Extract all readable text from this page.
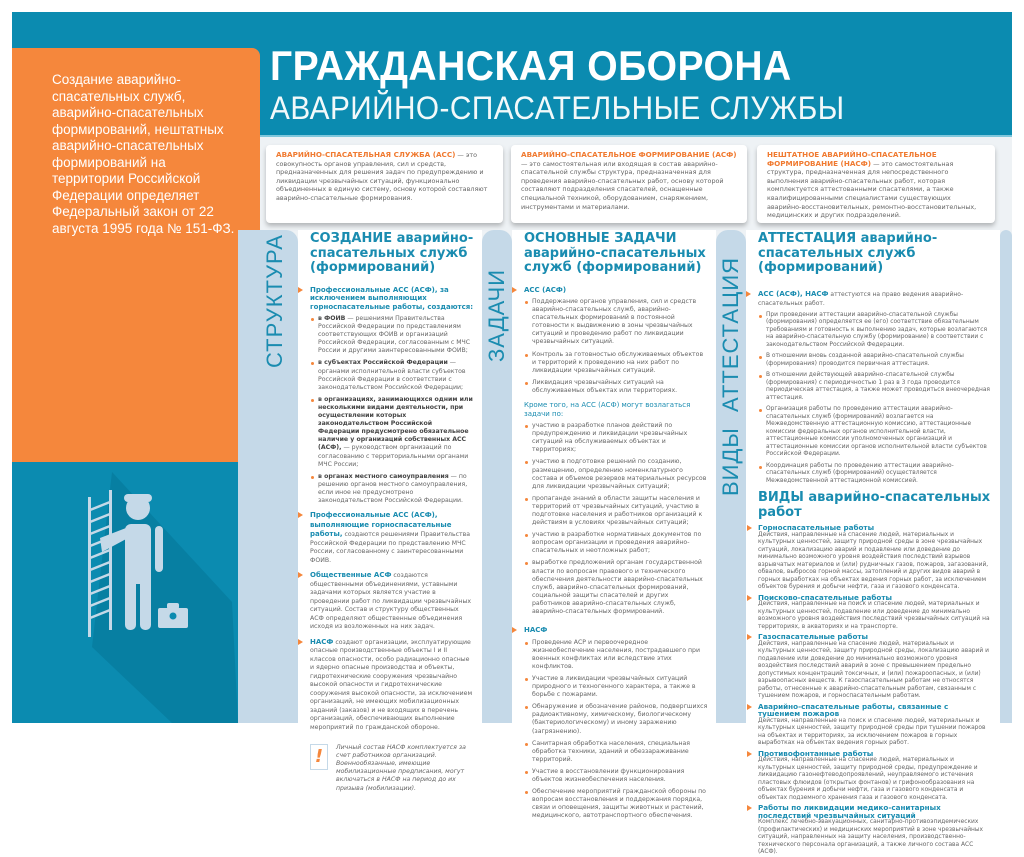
Создание аварийно-спасательных служб, аварийно-спасательных формирований, нештатных аварийно-спасательных формирований на территории Российской Федерации определяет Федеральный закон от 22 августа 1995 года № 151-ФЗ.
ГРАЖДАНСКАЯ ОБОРОНА
АВАРИЙНО-СПАСАТЕЛЬНЫЕ СЛУЖБЫ
АВАРИЙНО-СПАСАТЕЛЬНАЯ СЛУЖБА (АСС) — это совокупность органов управления, сил и средств, предназначенных для решения задач по предупреждению и ликвидации чрезвычайных ситуаций, функционально объединенных в единую систему, основу которой составляют аварийно-спасательные формирования.
АВАРИЙНО-СПАСАТЕЛЬНОЕ ФОРМИРОВАНИЕ (АСФ) — это самостоятельная или входящая в состав аварийно-спасательной службы структура, предназначенная для проведения аварийно-спасательных работ, основу которой составляют подразделения спасателей, оснащенные специальной техникой, оборудованием, снаряжением, инструментами и материалами.
НЕШТАТНОЕ АВАРИЙНО-СПАСАТЕЛЬНОЕ ФОРМИРОВАНИЕ (НАСФ) — это самостоятельная структура, предназначенная для непосредственного выполнения аварийно-спасательных работ, которая комплектуется аттестованными спасателями, а также квалифицированными специалистами существующих аварийно-восстановительных, ремонтно-восстановительных, медицинских и других подразделений.
СТРУКТУРА	ЗАДАЧИ	АТТЕСТАЦИЯ
ВИДЫ
СОЗДАНИЕ аварийно-спасательных служб (формирований)
Профессиональные АСС (АСФ), за исключением выполняющих горноспасательные работы, создаются:
в ФОИВ — решениями Правительства Российской Федерации по представлениям соответствующих ФОИВ и организаций Российской Федерации, согласованным с МЧС России и другими заинтересованными ФОИВ;
в субъектах Российской Федерации — органами исполнительной власти субъектов Российской Федерации в соответствии с законодательством Российской Федерации;
в организациях, занимающихся одним или несколькими видами деятельности, при осуществлении которых законодательством Российской Федерации предусмотрено обязательное наличие у организаций собственных АСС (АСФ), — руководством организаций по согласованию с территориальными органами МЧС России;
в органах местного самоуправления — по решению органов местного самоуправления, если иное не предусмотрено законодательством Российской Федерации.
Профессиональные АСС (АСФ), выполняющие горноспасательные работы, создаются решениями Правительства Российской Федерации по представлению МЧС России, согласованному с заинтересованными ФОИВ.
Общественные АСФ создаются общественными объединениями, уставными задачами которых является участие в проведении работ по ликвидации чрезвычайных ситуаций. Состав и структуру общественных АСФ определяют общественные объединения исходя из возложенных на них задач.
НАСФ создают организации, эксплуатирующие опасные производственные объекты I и II классов опасности, особо радиационно опасные и ядерно опасные производства и объекты, гидротехнические сооружения чрезвычайно высокой опасности и гидротехнические сооружения высокой опасности, за исключением организаций, не имеющих мобилизационных заданий (заказов) и не входящих в перечень организаций, обеспечивающих выполнение мероприятий по гражданской обороне.
!	Личный состав НАСФ комплектуется за счет работников организаций. Военнообязанные, имеющие мобилизационные предписания, могут включаться в НАСФ на период до их призыва (мобилизации).
ОСНОВНЫЕ ЗАДАЧИ аварийно-спасательных служб (формирований)
АСС (АСФ)
Поддержание органов управления, сил и средств аварийно-спасательных служб, аварийно-спасательных формирований в постоянной готовности к выдвижению в зоны чрезвычайных ситуаций и проведению работ по ликвидации чрезвычайных ситуаций.
Контроль за готовностью обслуживаемых объектов и территорий к проведению на них работ по ликвидации чрезвычайных ситуаций.
Ликвидация чрезвычайных ситуаций на обслуживаемых объектах или территориях.
Кроме того, на АСС (АСФ) могут возлагаться задачи по:
участию в разработке планов действий по предупреждению и ликвидации чрезвычайных ситуаций на обслуживаемых объектах и территориях;
участию в подготовке решений по созданию, размещению, определению номенклатурного состава и объемов резервов материальных ресурсов для ликвидации чрезвычайных ситуаций;
пропаганде знаний в области защиты населения и территорий от чрезвычайных ситуаций, участию в подготовке населения и работников организаций к действиям в условиях чрезвычайных ситуаций;
участию в разработке нормативных документов по вопросам организации и проведения аварийно-спасательных и неотложных работ;
выработке предложений органам государственной власти по вопросам правового и технического обеспечения деятельности аварийно-спасательных служб, аварийно-спасательных формирований, социальной защиты спасателей и других работников аварийно-спасательных служб, аварийно-спасательных формирований.
НАСФ
Проведение АСР и первоочередное жизнеобеспечение населения, пострадавшего при военных конфликтах или вследствие этих конфликтов.
Участие в ликвидации чрезвычайных ситуаций природного и техногенного характера, а также в борьбе с пожарами.
Обнаружение и обозначение районов, подвергшихся радиоактивному, химическому, биологическому (бактериологическому) и иному заражению (загрязнению).
Санитарная обработка населения, специальная обработка техники, зданий и обеззараживание территорий.
Участие в восстановлении функционирования объектов жизнеобеспечения населения.
Обеспечение мероприятий гражданской обороны по вопросам восстановления и поддержания порядка, связи и оповещения, защиты животных и растений, медицинского, автотранспортного обеспечения.
АТТЕСТАЦИЯ аварийно-спасательных служб (формирований)
АСС (АСФ), НАСФ аттестуются на право ведения аварийно-спасательных работ.
При проведении аттестации аварийно-спасательной службы (формирования) определяется ее (его) соответствие обязательным требованиям и готовность к выполнению задач, которые возлагаются на аварийно-спасательную службу (формирование) в соответствии с законодательством Российской Федерации.
В отношении вновь созданной аварийно-спасательной службы (формирования) проводится первичная аттестация.
В отношении действующей аварийно-спасательной службы (формирования) с периодичностью 1 раз в 3 года проводится периодическая аттестация, а также может проводиться внеочередная аттестация.
Организация работы по проведению аттестации аварийно-спасательных служб (формирований) возлагается на Межведомственную аттестационную комиссию, аттестационные комиссии федеральных органов исполнительной власти, аттестационные комиссии уполномоченных организаций и аттестационные комиссии органов исполнительной власти субъектов Российской Федерации.
Координация работы по проведению аттестации аварийно-спасательных служб (формирований) осуществляется Межведомственной аттестационной комиссией.
ВИДЫ аварийно-спасательных работ
Горноспасательные работы
Действия, направленные на спасение людей, материальных и культурных ценностей, защиту природной среды в зоне чрезвычайных ситуаций, локализацию аварий и подавление или доведение до минимально возможного уровня воздействия последствий взрывов взрывчатых материалов и (или) рудничных газов, пожаров, загазований, обвалов, выбросов горной массы, затоплений и других видов аварий в горных выработках на объектах ведения горных работ, за исключением объектов бурения и добычи нефти, газа и газового конденсата.
Поисково-спасательные работы
Действия, направленные на поиск и спасение людей, материальных и культурных ценностей, подавление или доведение до минимально возможного уровня воздействия последствий чрезвычайных ситуаций на территориях, в акваториях и на транспорте.
Газоспасательные работы
Действия, направленные на спасение людей, материальных и культурных ценностей, защиту природной среды, локализацию аварий и подавление или доведение до минимально возможного уровня воздействия последствий аварий в зоне с превышением предельно допустимых концентраций токсичных, и (или) пожароопасных, и (или) взрывоопасных веществ. К газоспасательным работам не относятся работы, отнесенные к аварийно-спасательным работам, связанным с тушением пожаров, и горноспасательным работам.
Аварийно-спасательные работы, связанные с тушением пожаров
Действия, направленные на поиск и спасение людей, материальных и культурных ценностей, защиту природной среды при тушении пожаров на объектах и территориях, за исключением пожаров в горных выработках на объектах ведения горных работ.
Противофонтанные работы
Действия, направленные на спасение людей, материальных и культурных ценностей, защиту природной среды, предупреждение и ликвидацию газонефтеводопроявлений, неуправляемого истечения пластовых флюидов (открытых фонтанов) и грифонообразования на объектах бурения и добычи нефти, газа и газового конденсата и объектах подземного хранения газа и газового конденсата.
Работы по ликвидации медико-санитарных последствий чрезвычайных ситуаций
Комплекс лечебно-эвакуационных, санитарно-противоэпидемических (профилактических) и медицинских мероприятий в зоне чрезвычайных ситуаций, направленных на защиту населения, производственно-технического персонала организаций, а также личного состава АСС (АСФ).
